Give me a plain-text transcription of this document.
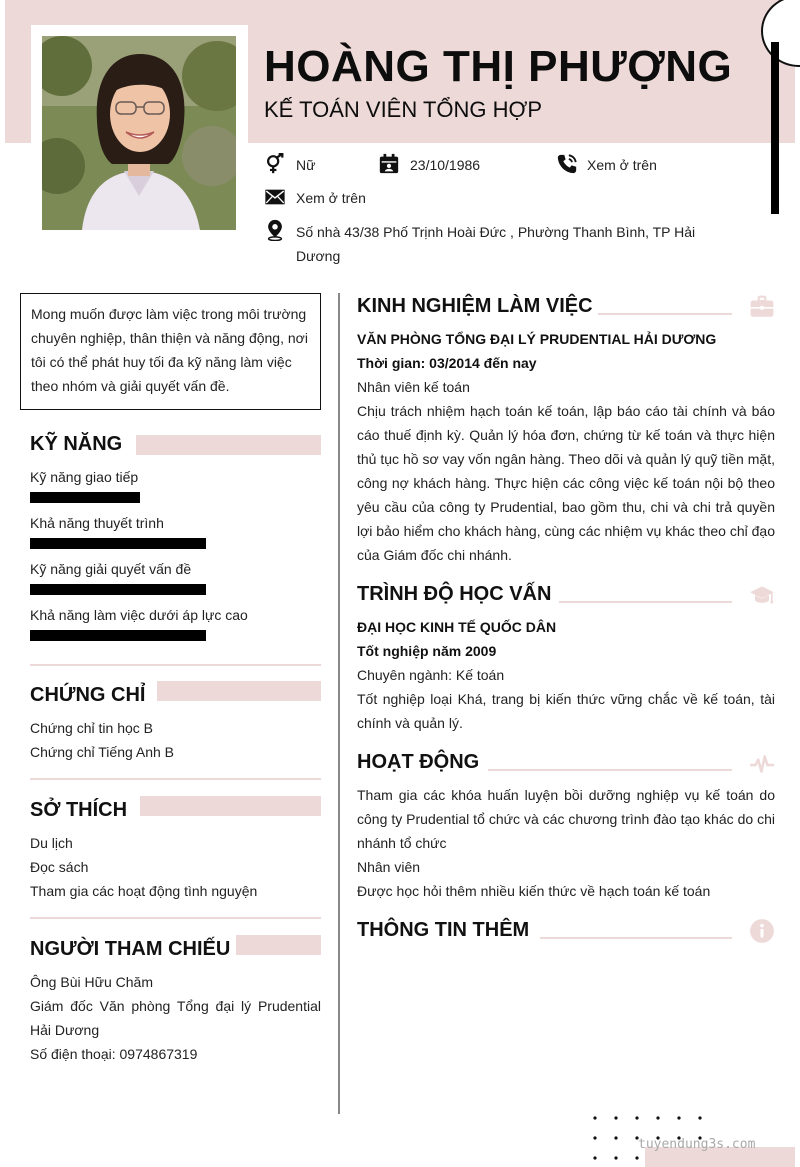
HOÀNG THỊ PHƯỢNG
KẾ TOÁN VIÊN TỔNG HỢP
Nữ	23/10/1986	Xem ở trên
Xem ở trên
Số nhà 43/38 Phố Trịnh Hoài Đức , Phường Thanh Bình, TP Hải Dương
Mong muốn được làm việc trong môi trường chuyên nghiệp, thân thiện và năng động, nơi tôi có thể phát huy tối đa kỹ năng làm việc theo nhóm và giải quyết vấn đề.
KỸ NĂNG
Kỹ năng giao tiếp
Khả năng thuyết trình
Kỹ năng giải quyết vấn đề
Khả năng làm việc dưới áp lực cao
CHỨNG CHỈ
Chứng chỉ tin học B
Chứng chỉ Tiếng Anh B
SỞ THÍCH
Du lịch
Đọc sách
Tham gia các hoạt động tình nguyện
NGƯỜI THAM CHIẾU
Ông Bùi Hữu Chăm
Giám đốc Văn phòng Tổng đại lý Prudential Hải Dương
Số điện thoại: 0974867319
KINH NGHIỆM LÀM VIỆC
VĂN PHÒNG TỔNG ĐẠI LÝ PRUDENTIAL HẢI DƯƠNG
Thời gian: 03/2014 đến nay
Nhân viên kế toán
Chịu trách nhiệm hạch toán kế toán, lập báo cáo tài chính và báo cáo thuế định kỳ. Quản lý hóa đơn, chứng từ kế toán và thực hiện thủ tục hồ sơ vay vốn ngân hàng. Theo dõi và quản lý quỹ tiền mặt, công nợ khách hàng. Thực hiện các công việc kế toán nội bộ theo yêu cầu của công ty Prudential, bao gồm thu, chi và chi trả quyền lợi bảo hiểm cho khách hàng, cùng các nhiệm vụ khác theo chỉ đạo của Giám đốc chi nhánh.
TRÌNH ĐỘ HỌC VẤN
ĐẠI HỌC KINH TẾ QUỐC DÂN
Tốt nghiệp năm 2009
Chuyên ngành: Kế toán
Tốt nghiệp loại Khá, trang bị kiến thức vững chắc về kế toán, tài chính và quản lý.
HOẠT ĐỘNG
Tham gia các khóa huấn luyện bồi dưỡng nghiệp vụ kế toán do công ty Prudential tổ chức và các chương trình đào tạo khác do chi nhánh tổ chức
Nhân viên
Được học hỏi thêm nhiều kiến thức về hạch toán kế toán
THÔNG TIN THÊM
tuyendung3s.com
